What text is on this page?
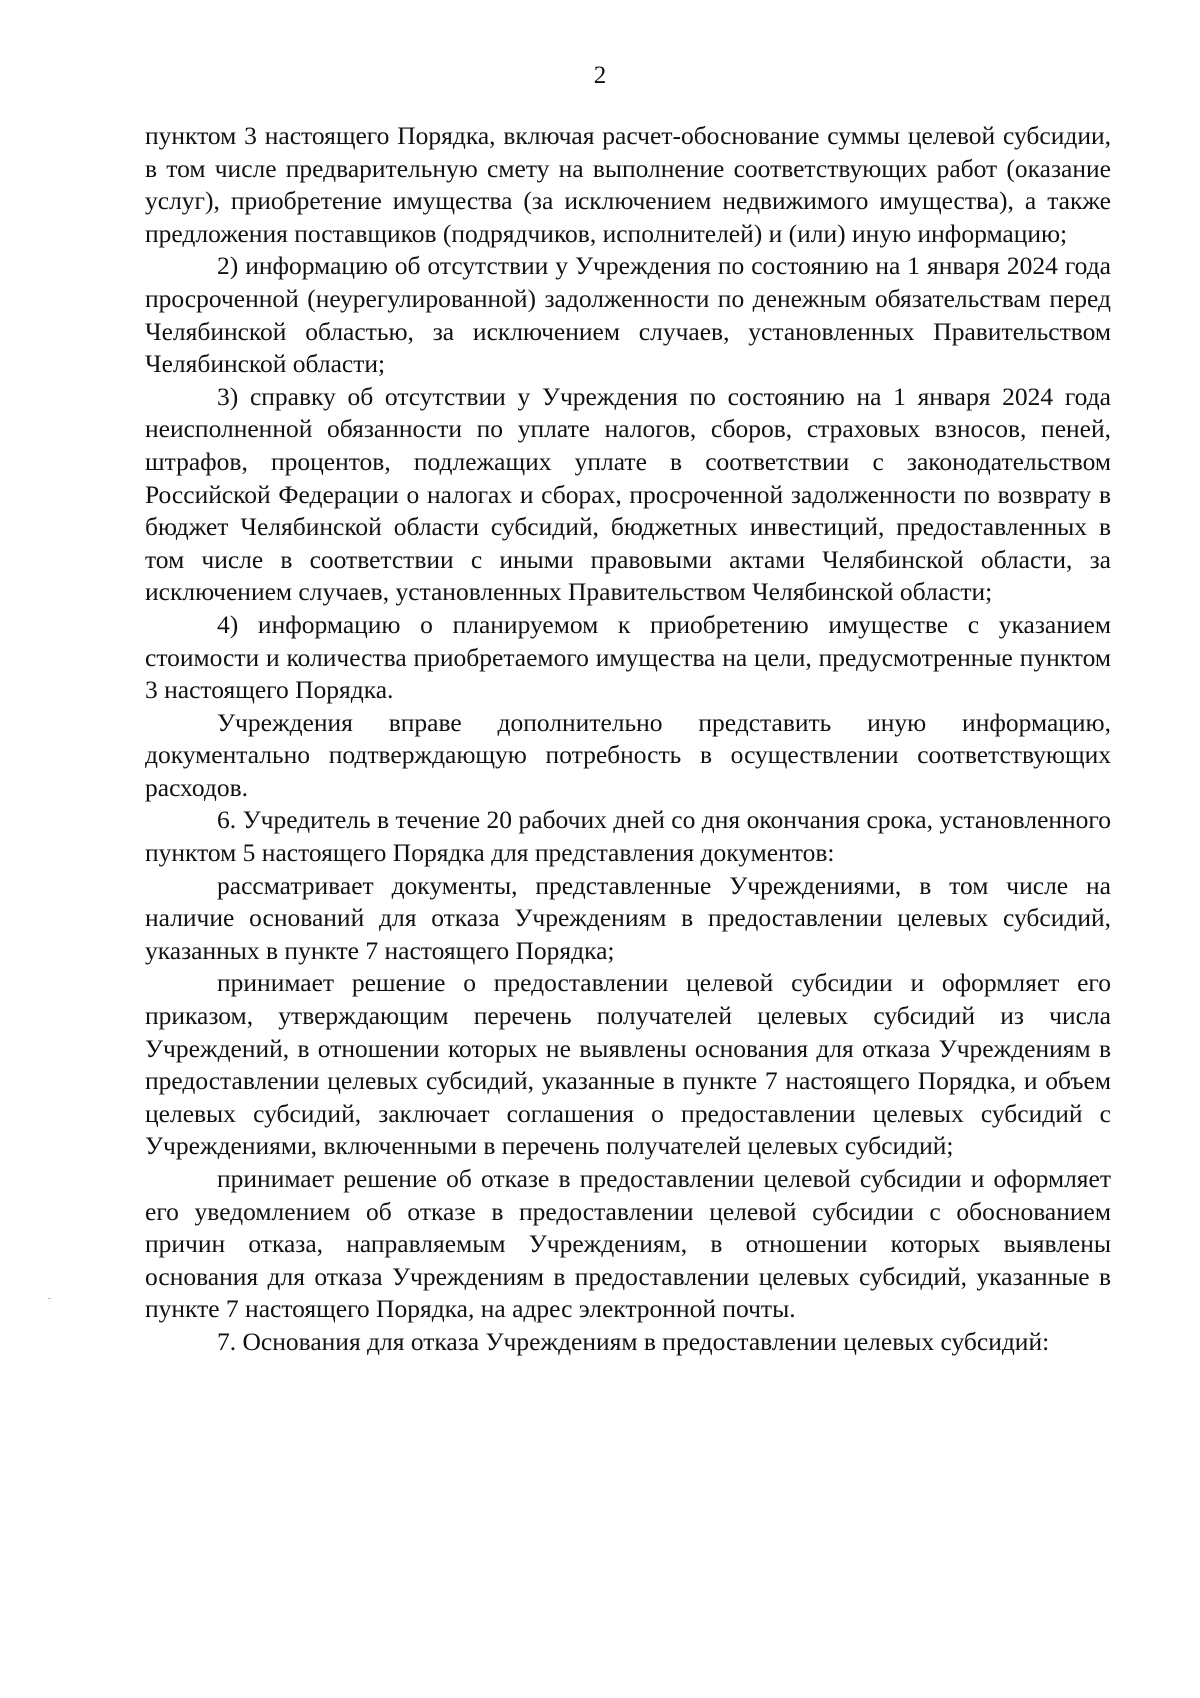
2

пунктом 3 настоящего Порядка, включая расчет-обоснование суммы целевой субсидии, в том числе предварительную смету на выполнение соответствующих работ (оказание услуг), приобретение имущества (за исключением недвижимого имущества), а также предложения поставщиков (подрядчиков, исполнителей) и (или) иную информацию;

2) информацию об отсутствии у Учреждения по состоянию на 1 января 2024 года просроченной (неурегулированной) задолженности по денежным обязательствам перед Челябинской областью, за исключением случаев, установленных Правительством Челябинской области;

3) справку об отсутствии у Учреждения по состоянию на 1 января 2024 года неисполненной обязанности по уплате налогов, сборов, страховых взносов, пеней, штрафов, процентов, подлежащих уплате в соответствии с законодательством Российской Федерации о налогах и сборах, просроченной задолженности по возврату в бюджет Челябинской области субсидий, бюджетных инвестиций, предоставленных в том числе в соответствии с иными правовыми актами Челябинской области, за исключением случаев, установленных Правительством Челябинской области;

4) информацию о планируемом к приобретению имуществе с указанием стоимости и количества приобретаемого имущества на цели, предусмотренные пунктом 3 настоящего Порядка.

Учреждения вправе дополнительно представить иную информацию, документально подтверждающую потребность в осуществлении соответствующих расходов.

6. Учредитель в течение 20 рабочих дней со дня окончания срока, установленного пунктом 5 настоящего Порядка для представления документов:

рассматривает документы, представленные Учреждениями, в том числе на наличие оснований для отказа Учреждениям в предоставлении целевых субсидий, указанных в пункте 7 настоящего Порядка;

принимает решение о предоставлении целевой субсидии и оформляет его приказом, утверждающим перечень получателей целевых субсидий из числа Учреждений, в отношении которых не выявлены основания для отказа Учреждениям в предоставлении целевых субсидий, указанные в пункте 7 настоящего Порядка, и объем целевых субсидий, заключает соглашения о предоставлении целевых субсидий с Учреждениями, включенными в перечень получателей целевых субсидий;

принимает решение об отказе в предоставлении целевой субсидии и оформляет его уведомлением об отказе в предоставлении целевой субсидии с обоснованием причин отказа, направляемым Учреждениям, в отношении которых выявлены основания для отказа Учреждениям в предоставлении целевых субсидий, указанные в пункте 7 настоящего Порядка, на адрес электронной почты.

7. Основания для отказа Учреждениям в предоставлении целевых субсидий:
